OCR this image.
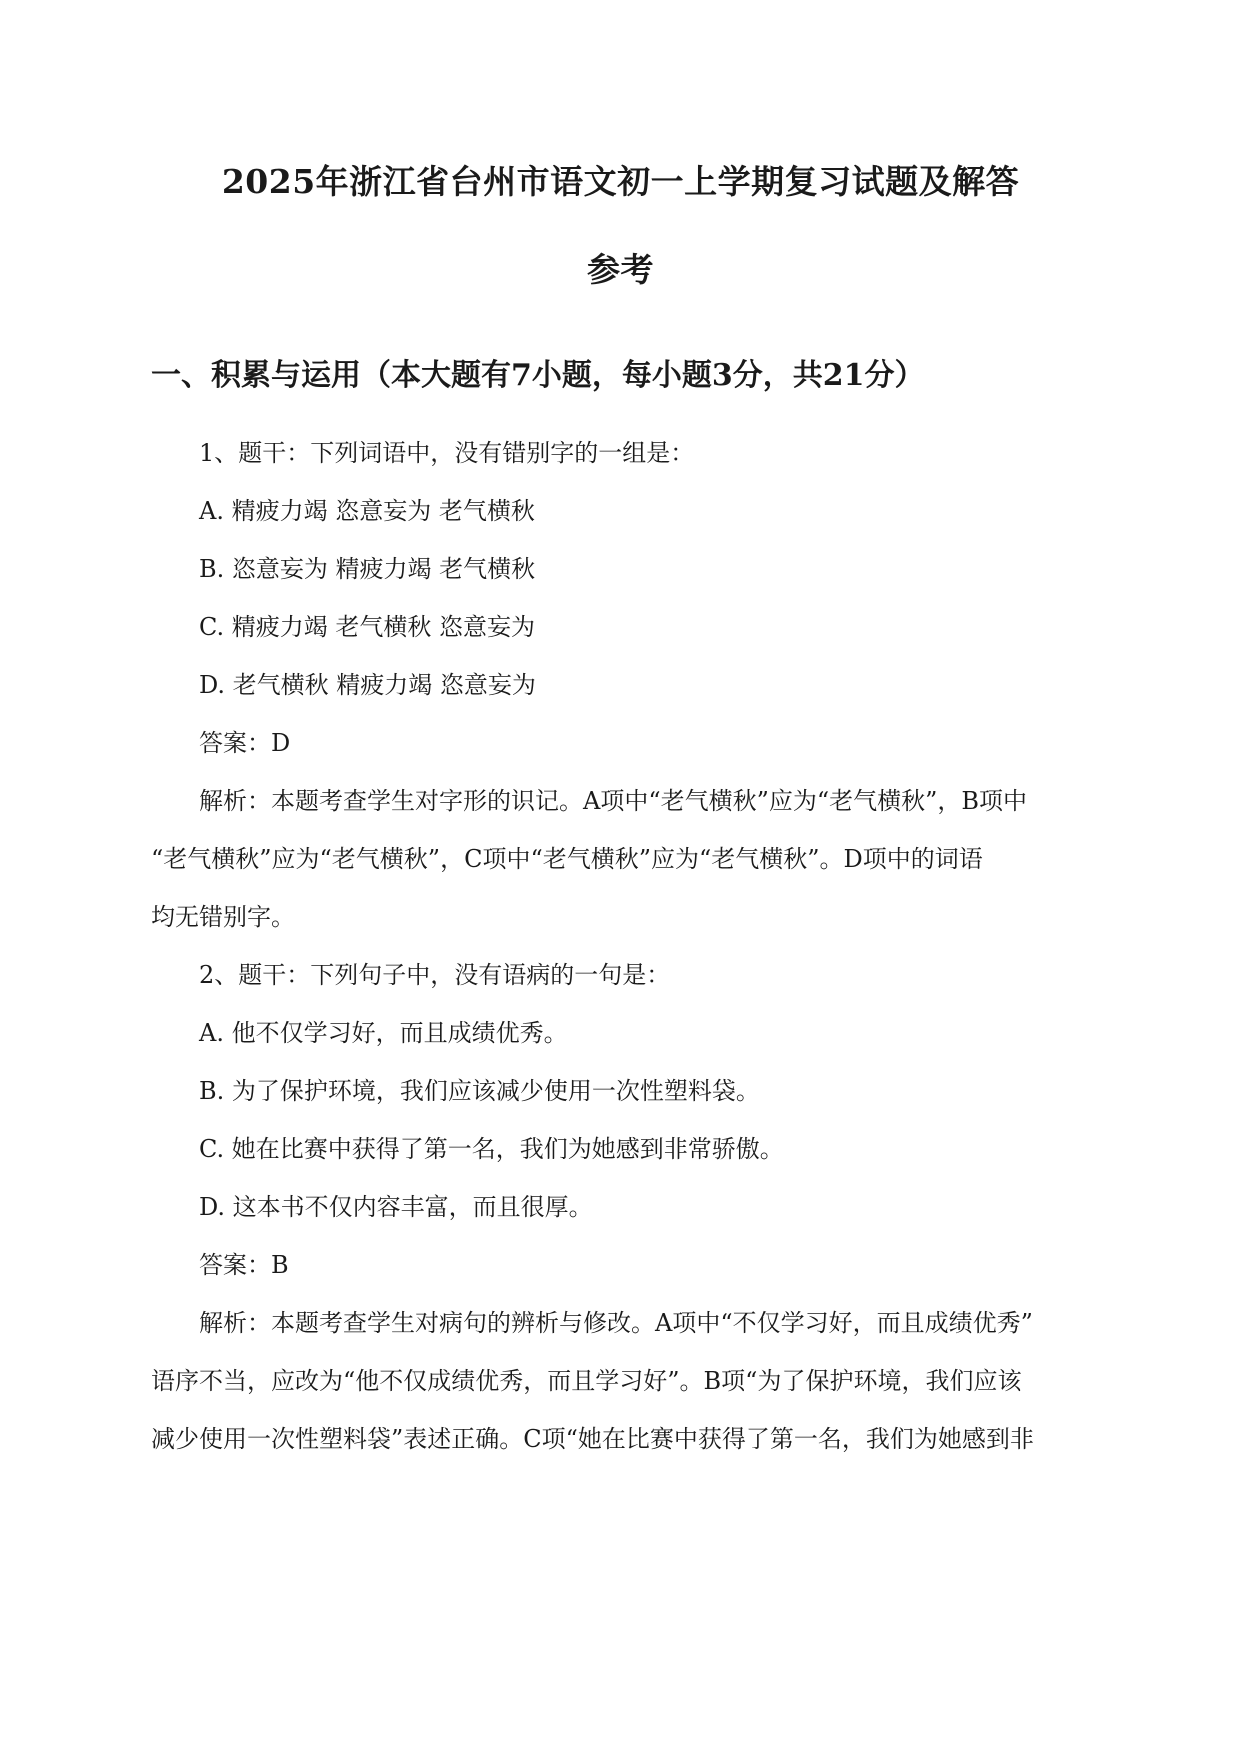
2025年浙江省台州市语文初一上学期复习试题及解答
参考
一、积累与运用（本大题有7小题，每小题3分，共21分）
1、题干：下列词语中，没有错别字的一组是：
A. 精疲力竭 恣意妄为 老气横秋
B. 恣意妄为 精疲力竭 老气横秋
C. 精疲力竭 老气横秋 恣意妄为
D. 老气横秋 精疲力竭 恣意妄为
答案：D
解析：本题考查学生对字形的识记。A项中“老气横秋”应为“老气横秋”，B项中
“老气横秋”应为“老气横秋”，C项中“老气横秋”应为“老气横秋”。D项中的词语
均无错别字。
2、题干：下列句子中，没有语病的一句是：
A. 他不仅学习好，而且成绩优秀。
B. 为了保护环境，我们应该减少使用一次性塑料袋。
C. 她在比赛中获得了第一名，我们为她感到非常骄傲。
D. 这本书不仅内容丰富，而且很厚。
答案：B
解析：本题考查学生对病句的辨析与修改。A项中“不仅学习好，而且成绩优秀”
语序不当，应改为“他不仅成绩优秀，而且学习好”。B项“为了保护环境，我们应该
减少使用一次性塑料袋”表述正确。C项“她在比赛中获得了第一名，我们为她感到非
